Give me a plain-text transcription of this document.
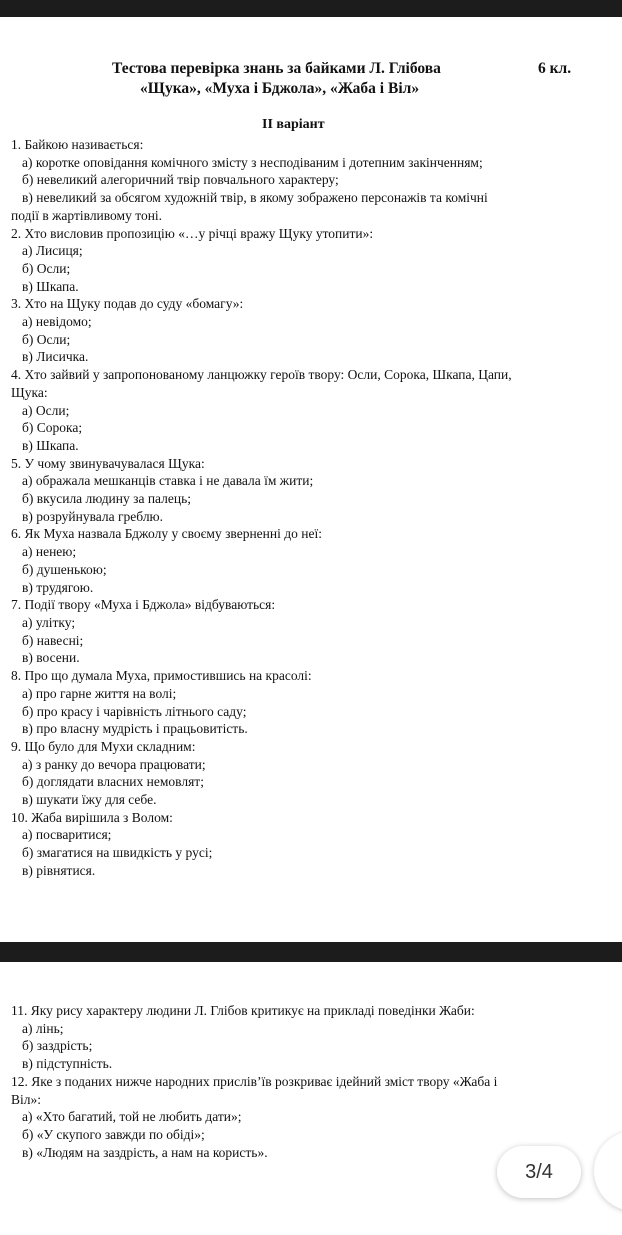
Тестова перевірка знань за байками Л. Глібова	6 кл.
«Щука», «Муха і Бджола», «Жаба і Віл»
ІІ варіант
1. Байкою називається:
а) коротке оповідання комічного змісту з несподіваним і дотепним закінченням;
б) невеликий алегоричний твір повчального характеру;
в) невеликий за обсягом художній твір, в якому зображено персонажів та комічні
події в жартівливому тоні.
2. Хто висловив пропозицію «…у річці вражу Щуку утопити»:
а) Лисиця;
б) Осли;
в) Шкапа.
3. Хто на Щуку подав до суду «бомагу»:
а) невідомо;
б) Осли;
в) Лисичка.
4. Хто зайвий у запропонованому ланцюжку героїв твору: Осли, Сорока, Шкапа, Цапи,
Щука:
а) Осли;
б) Сорока;
в) Шкапа.
5. У чому звинувачувалася Щука:
а) ображала мешканців ставка і не давала їм жити;
б) вкусила людину за палець;
в) розруйнувала греблю.
6. Як Муха назвала Бджолу у своєму зверненні до неї:
а) ненею;
б) душенькою;
в) трудягою.
7. Події твору «Муха і Бджола» відбуваються:
а) улітку;
б) навесні;
в) восени.
8. Про що думала Муха, примостившись на красолі:
а) про гарне життя на волі;
б) про красу і чарівність літнього саду;
в) про власну мудрість і працьовитість.
9. Що було для Мухи складним:
а) з ранку до вечора працювати;
б) доглядати власних немовлят;
в) шукати їжу для себе.
10. Жаба вирішила з Волом:
а) посваритися;
б) змагатися на швидкість у русі;
в) рівнятися.
11. Яку рису характеру людини Л. Глібов критикує на прикладі поведінки Жаби:
а) лінь;
б) заздрість;
в) підступність.
12. Яке з поданих нижче народних прислів’їв розкриває ідейний зміст твору «Жаба і
Віл»:
а) «Хто багатий, той не любить дати»;
б) «У скупого завжди по обіді»;
в) «Людям на заздрість, а нам на користь».
3/4
